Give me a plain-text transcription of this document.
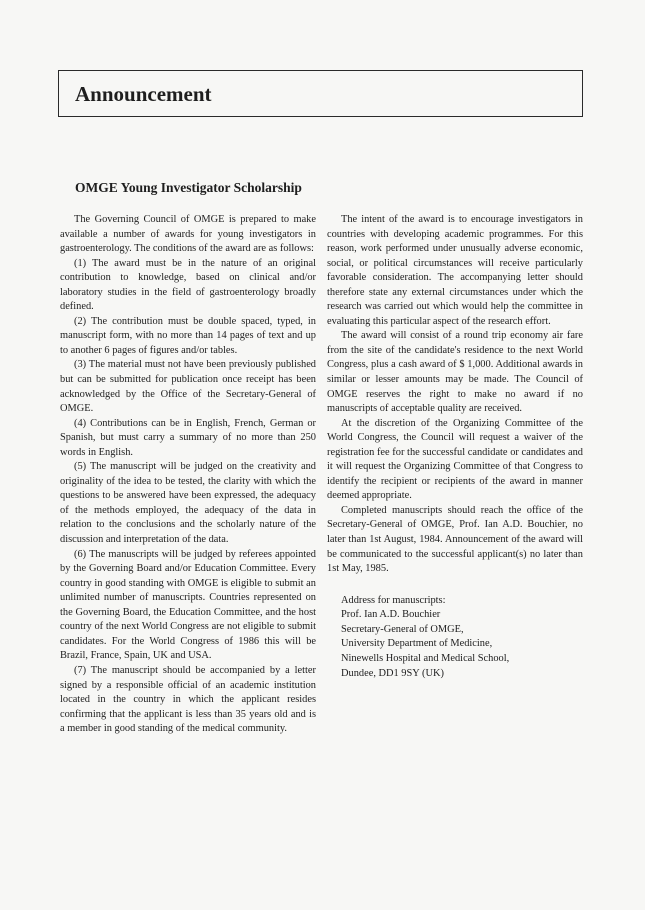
Announcement
OMGE Young Investigator Scholarship

The Governing Council of OMGE is prepared to make available a number of awards for young investigators in gastroenterology. The conditions of the award are as follows:

(1) The award must be in the nature of an original contribution to knowledge, based on clinical and/or laboratory studies in the field of gastroenterology broadly defined.

(2) The contribution must be double spaced, typed, in manuscript form, with no more than 14 pages of text and up to another 6 pages of figures and/or tables.

(3) The material must not have been previously published but can be submitted for publication once receipt has been acknowledged by the Office of the Secretary-General of OMGE.

(4) Contributions can be in English, French, German or Spanish, but must carry a summary of no more than 250 words in English.

(5) The manuscript will be judged on the creativity and originality of the idea to be tested, the clarity with which the questions to be answered have been expressed, the adequacy of the methods employed, the adequacy of the data in relation to the conclusions and the scholarly nature of the discussion and interpretation of the data.

(6) The manuscripts will be judged by referees appointed by the Governing Board and/or Education Committee. Every country in good standing with OMGE is eligible to submit an unlimited number of manuscripts. Countries represented on the Governing Board, the Education Committee, and the host country of the next World Congress are not eligible to submit candidates. For the World Congress of 1986 this will be Brazil, France, Spain, UK and USA.

(7) The manuscript should be accompanied by a letter signed by a responsible official of an academic institution located in the country in which the applicant resides confirming that the applicant is less than 35 years old and is a member in good standing of the medical community.

The intent of the award is to encourage investigators in countries with developing academic programmes. For this reason, work performed under unusually adverse economic, social, or political circumstances will receive particularly favorable consideration. The accompanying letter should therefore state any external circumstances under which the research was carried out which would help the committee in evaluating this particular aspect of the research effort.

The award will consist of a round trip economy air fare from the site of the candidate's residence to the next World Congress, plus a cash award of $ 1,000. Additional awards in similar or lesser amounts may be made. The Council of OMGE reserves the right to make no award if no manuscripts of acceptable quality are received.

At the discretion of the Organizing Committee of the World Congress, the Council will request a waiver of the registration fee for the successful candidate or candidates and it will request the Organizing Committee of that Congress to identify the recipient or recipients of the award in manner deemed appropriate.

Completed manuscripts should reach the office of the Secretary-General of OMGE, Prof. Ian A.D. Bouchier, no later than 1st August, 1984. Announcement of the award will be communicated to the successful applicant(s) no later than 1st May, 1985.

Address for manuscripts:
Prof. Ian A.D. Bouchier
Secretary-General of OMGE,
University Department of Medicine,
Ninewells Hospital and Medical School,
Dundee, DD1 9SY (UK)
